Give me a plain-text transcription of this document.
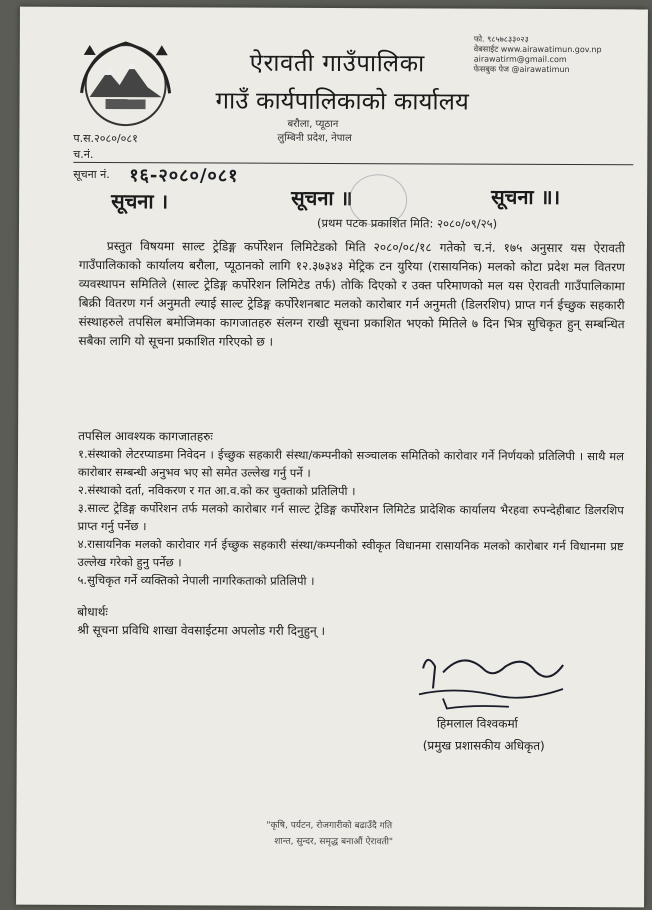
ऐरावती गाउँपालिका
गाउँ कार्यपालिकाको कार्यालय
बरौला, प्यूठान
लुम्बिनी प्रदेश, नेपाल
फो. ९८५७८३३०२३
वेबसाईट www.airawatimun.gov.np
airawatirm@gmail.com
फेसबुक पेज @airawatimun
प.स.२०८०/०८१
च.नं.
सूचना नं. १६-२०८०/०८१
सूचना ।	सूचना ॥	सूचना ॥।
(प्रथम पटक प्रकाशित मिति: २०८०/०९/२५)
प्रस्तुत विषयमा साल्ट ट्रेडिङ्ग कर्पोरेशन लिमिटेडको मिति २०८०/०८/१८ गतेको च.नं. १७५ अनुसार यस ऐरावती गाउँपालिकाको कार्यालय बरौला, प्यूठानको लागि १२.३७३४३ मेट्रिक टन युरिया (रासायनिक) मलको कोटा प्रदेश मल वितरण व्यवस्थापन समितिले (साल्ट ट्रेडिङ्ग कर्पोरेशन लिमिटेड तर्फ) तोकि दिएको र उक्त परिमाणको मल यस ऐरावती गाउँपालिकामा बिक्री वितरण गर्न अनुमती ल्याई साल्ट ट्रेडिङ्ग कर्पोरेशनबाट मलको कारोबार गर्न अनुमती (डिलरशिप) प्राप्त गर्न ईच्छुक सहकारी संस्थाहरुले तपसिल बमोजिमका कागजातहरु संलग्न राखी सूचना प्रकाशित भएको मितिले ७ दिन भित्र सुचिकृत हुन् सम्बन्धित सबैका लागि यो सूचना प्रकाशित गरिएको छ ।
तपसिल आवश्यक कागजातहरुः
१.संस्थाको लेटरप्याडमा निवेदन । ईच्छुक सहकारी संस्था/कम्पनीको सञ्चालक समितिको कारोवार गर्ने निर्णयको प्रतिलिपी । साथै मल कारोबार सम्बन्धी अनुभव भए सो समेत उल्लेख गर्नु पर्ने ।
२.संस्थाको दर्ता, नविकरण र गत आ.व.को कर चुक्ताको प्रतिलिपी ।
३.साल्ट ट्रेडिङ्ग कर्पोरेशन तर्फ मलको कारोबार गर्न साल्ट ट्रेडिङ्ग कर्पोरेशन लिमिटेड प्रादेशिक कार्यालय भैरहवा रुपन्देहीबाट डिलरशिप प्राप्त गर्नु पर्नेछ ।
४.रासायनिक मलको कारोवार गर्न ईच्छुक सहकारी संस्था/कम्पनीको स्वीकृत विधानमा रासायनिक मलको कारोबार गर्न विधानमा प्रष्ट उल्लेख गरेको हुनु पर्नेछ ।
५.सुचिकृत गर्ने व्यक्तिको नेपाली नागरिकताको प्रतिलिपी ।
बोधार्थः
श्री सूचना प्रविधि शाखा वेवसाईटमा अपलोड गरी दिनुहुन् ।
हिमलाल विश्वकर्मा
(प्रमुख प्रशासकीय अधिकृत)
"कृषि, पर्यटन, रोजगारीको बढाउँदै गति
शान्त, सुन्दर, समृद्ध बनाऔं ऐरावती"
